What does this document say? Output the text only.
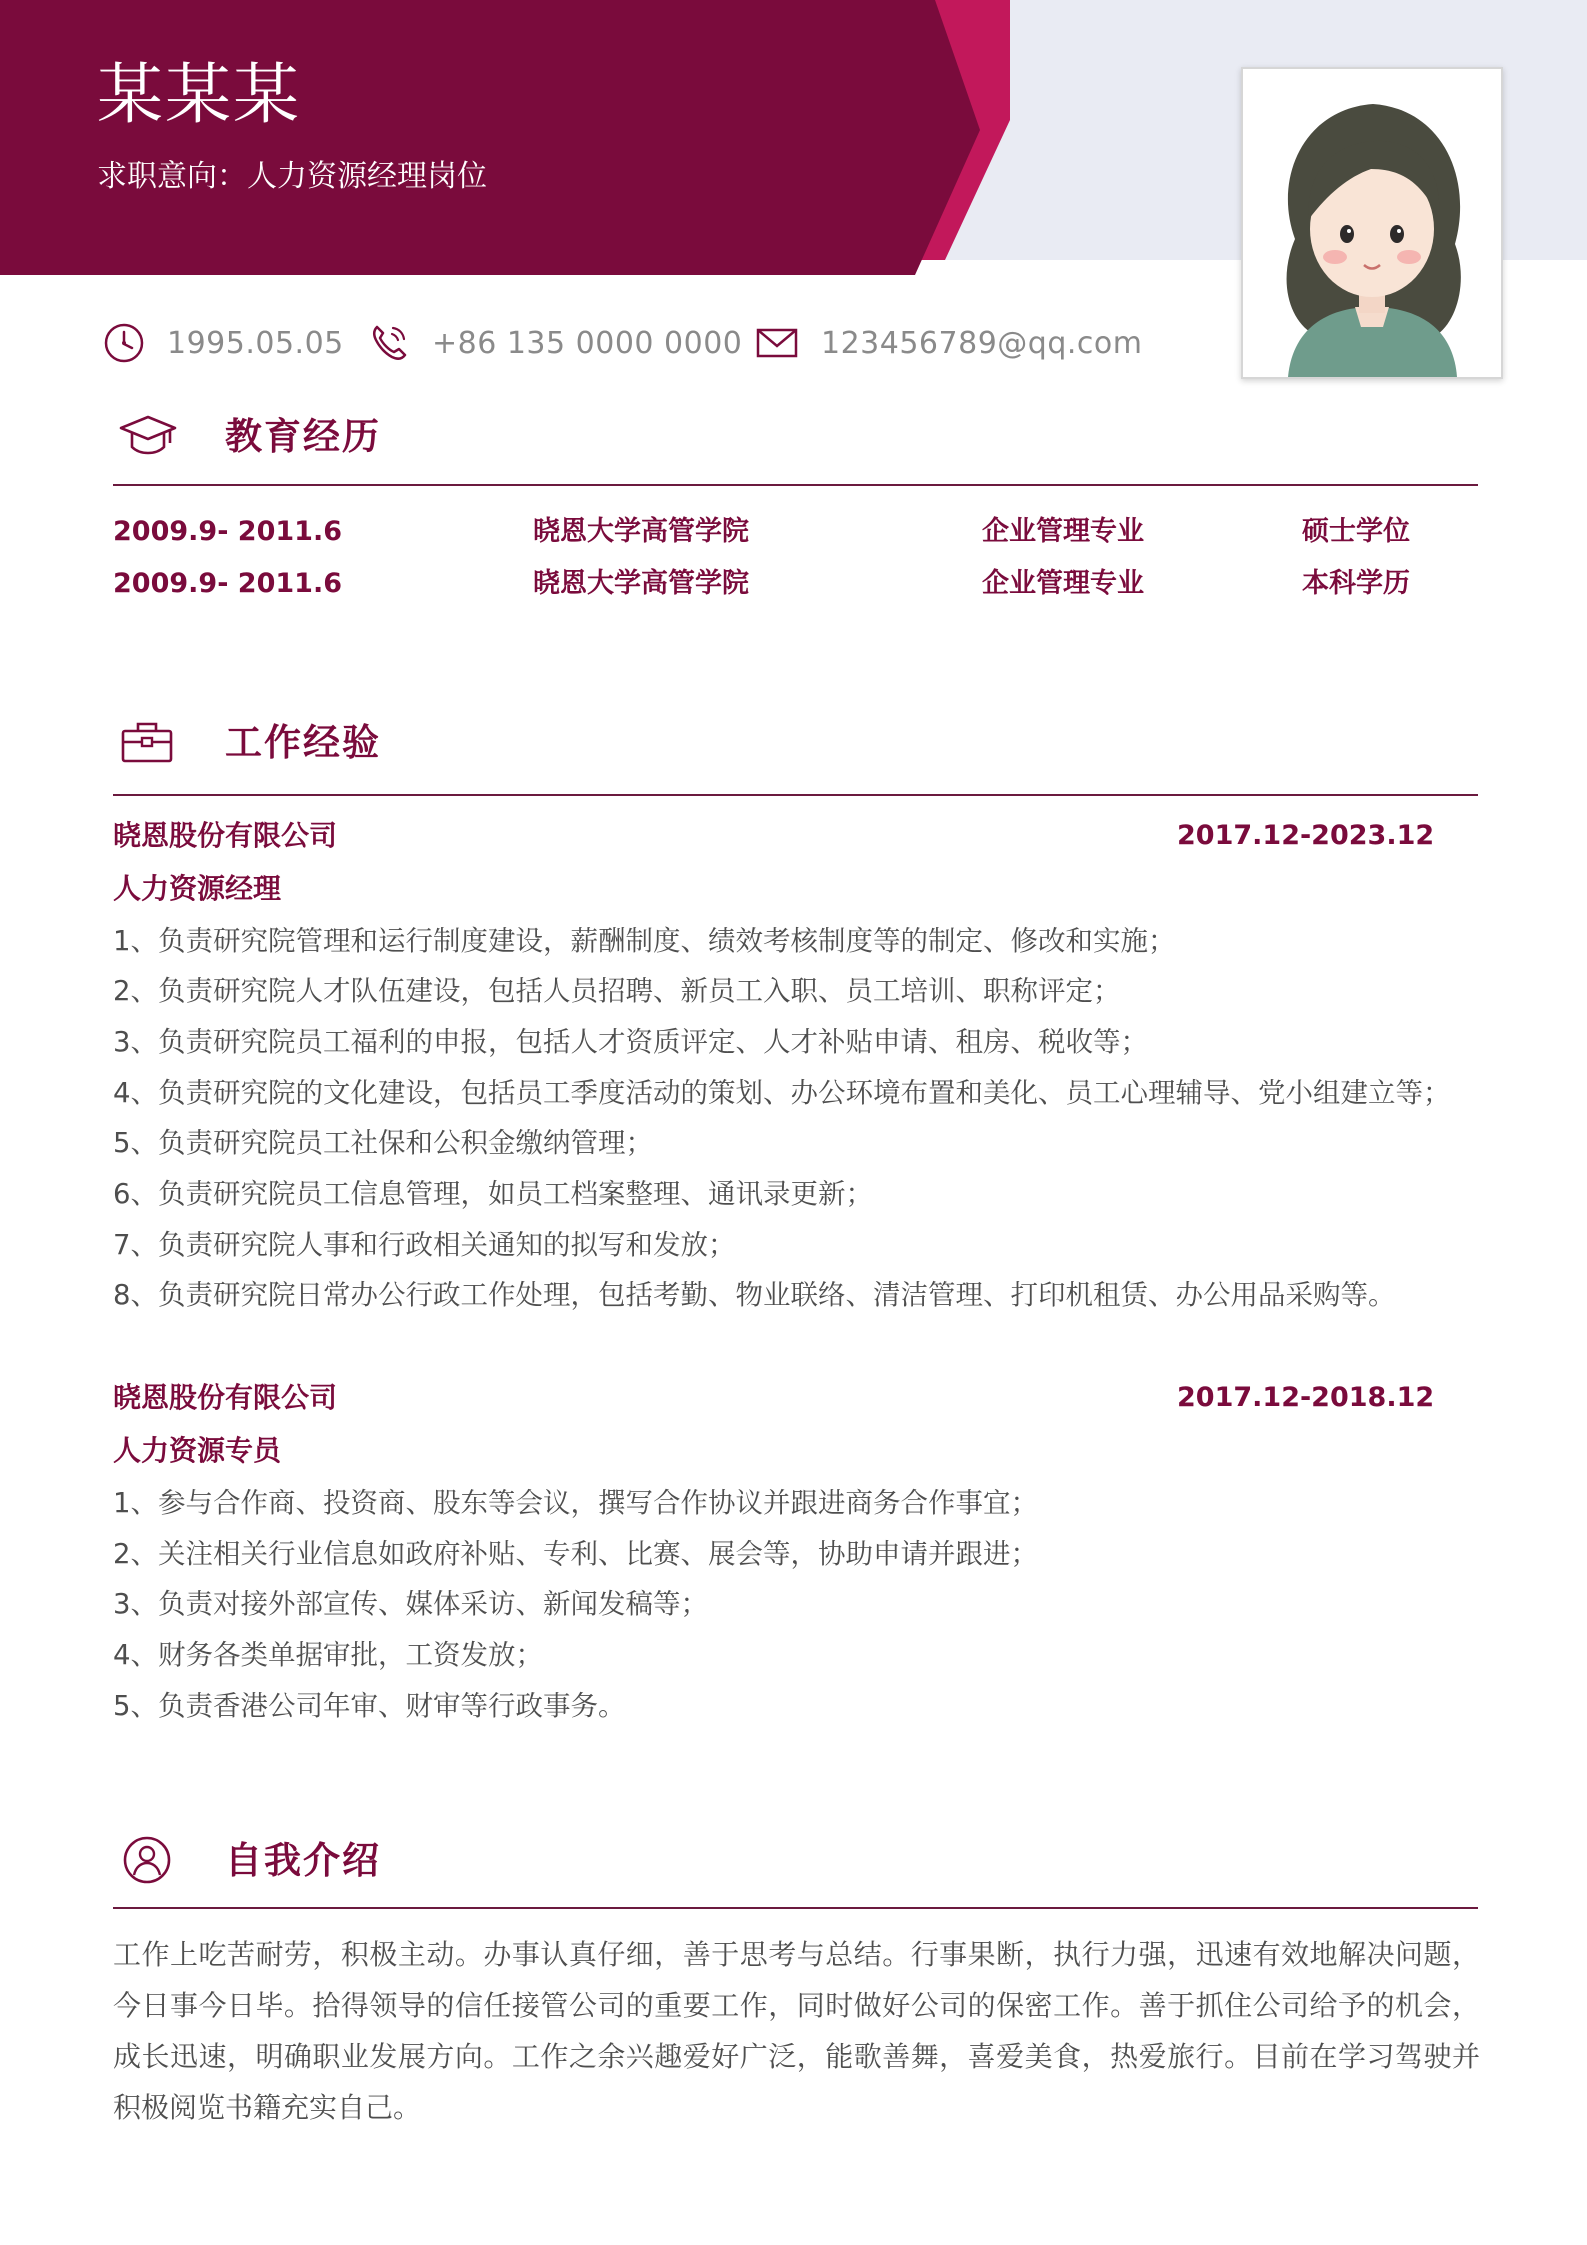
某某某
求职意向：人力资源经理岗位
1995.05.05	+86 135 0000 0000	123456789@qq.com
教育经历
2009.9- 2011.6	晓恩大学高管学院	企业管理专业	硕士学位
2009.9- 2011.6	晓恩大学高管学院	企业管理专业	本科学历
工作经验
晓恩股份有限公司	2017.12-2023.12
人力资源经理
1、负责研究院管理和运行制度建设，薪酬制度、绩效考核制度等的制定、修改和实施；
2、负责研究院人才队伍建设，包括人员招聘、新员工入职、员工培训、职称评定；
3、负责研究院员工福利的申报，包括人才资质评定、人才补贴申请、租房、税收等；
4、负责研究院的文化建设，包括员工季度活动的策划、办公环境布置和美化、员工心理辅导、党小组建立等；
5、负责研究院员工社保和公积金缴纳管理；
6、负责研究院员工信息管理，如员工档案整理、通讯录更新；
7、负责研究院人事和行政相关通知的拟写和发放；
8、负责研究院日常办公行政工作处理，包括考勤、物业联络、清洁管理、打印机租赁、办公用品采购等。
晓恩股份有限公司	2017.12-2018.12
人力资源专员
1、参与合作商、投资商、股东等会议，撰写合作协议并跟进商务合作事宜；
2、关注相关行业信息如政府补贴、专利、比赛、展会等，协助申请并跟进；
3、负责对接外部宣传、媒体采访、新闻发稿等；
4、财务各类单据审批，工资发放；
5、负责香港公司年审、财审等行政事务。
自我介绍
工作上吃苦耐劳，积极主动。办事认真仔细，善于思考与总结。行事果断，执行力强，迅速有效地解决问题，今日事今日毕。拾得领导的信任接管公司的重要工作，同时做好公司的保密工作。善于抓住公司给予的机会，成长迅速，明确职业发展方向。工作之余兴趣爱好广泛，能歌善舞，喜爱美食，热爱旅行。目前在学习驾驶并积极阅览书籍充实自己。
